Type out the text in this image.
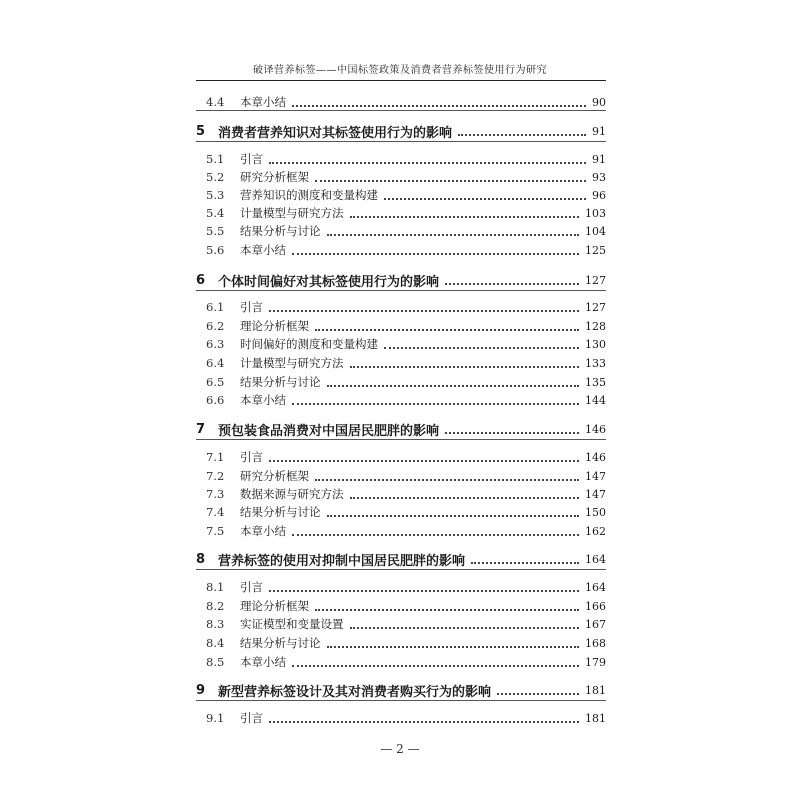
破译营养标签——中国标签政策及消费者营养标签使用行为研究
4.4	本章小结	90
5 消费者营养知识对其标签使用行为的影响	91
5.1	引言	91
5.2	研究分析框架	93
5.3	营养知识的测度和变量构建	96
5.4	计量模型与研究方法	103
5.5	结果分析与讨论	104
5.6	本章小结	125
6 个体时间偏好对其标签使用行为的影响	127
6.1	引言	127
6.2	理论分析框架	128
6.3	时间偏好的测度和变量构建	130
6.4	计量模型与研究方法	133
6.5	结果分析与讨论	135
6.6	本章小结	144
7 预包装食品消费对中国居民肥胖的影响	146
7.1	引言	146
7.2	研究分析框架	147
7.3	数据来源与研究方法	147
7.4	结果分析与讨论	150
7.5	本章小结	162
8 营养标签的使用对抑制中国居民肥胖的影响	164
8.1	引言	164
8.2	理论分析框架	166
8.3	实证模型和变量设置	167
8.4	结果分析与讨论	168
8.5	本章小结	179
9 新型营养标签设计及其对消费者购买行为的影响	181
9.1	引言	181
— 2 —
